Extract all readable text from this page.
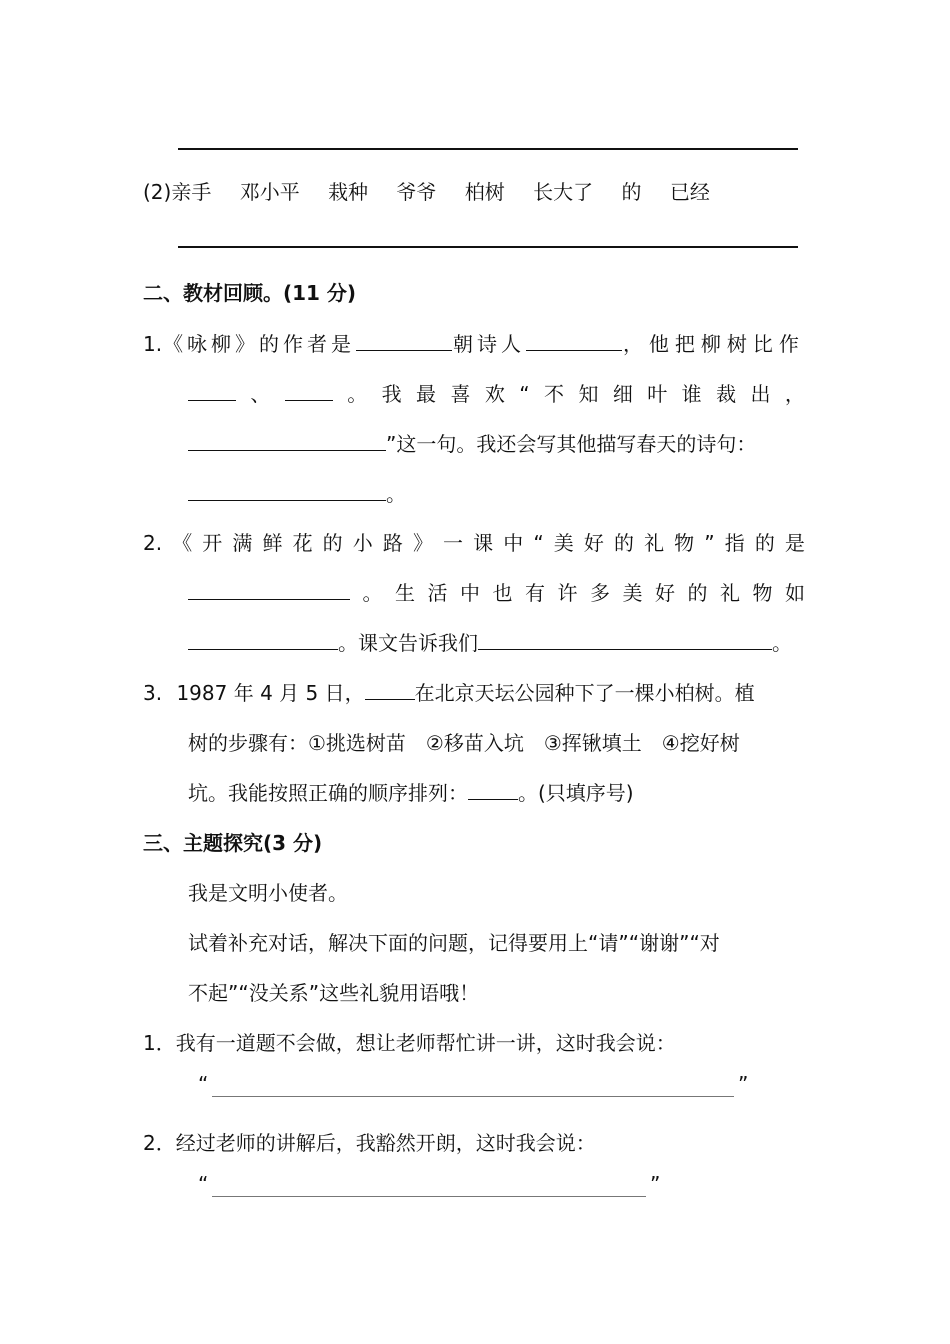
(2)亲手 邓小平 栽种 爷爷 柏树 长大了 的 已经
二、教材回顾。(11 分)
1. 《咏柳》的作者是	朝诗人	，他把柳树比作
、	。 我 最 喜 欢 “ 不 知 细 叶 谁 裁 出 ，
”这一句。我还会写其他描写春天的诗句：
。
2. 《 开 满 鲜 花 的 小 路 》 一 课 中 “ 美 好 的 礼 物 ” 指 的 是
。 生 活 中 也 有 许 多 美 好 的 礼 物 如
。课文告诉我们	。
3. 1987 年 4 月 5 日，	在北京天坛公园种下了一棵小柏树。植
树的步骤有：①挑选树苗　②移苗入坑　③挥锹填土　④挖好树
坑。我能按照正确的顺序排列：	。(只填序号)
三、主题探究(3 分)
我是文明小使者。
试着补充对话，解决下面的问题，记得要用上“请”“谢谢”“对
不起”“没关系”这些礼貌用语哦！
1．我有一道题不会做，想让老师帮忙讲一讲，这时我会说：
“	”
2．经过老师的讲解后，我豁然开朗，这时我会说：
“	”
